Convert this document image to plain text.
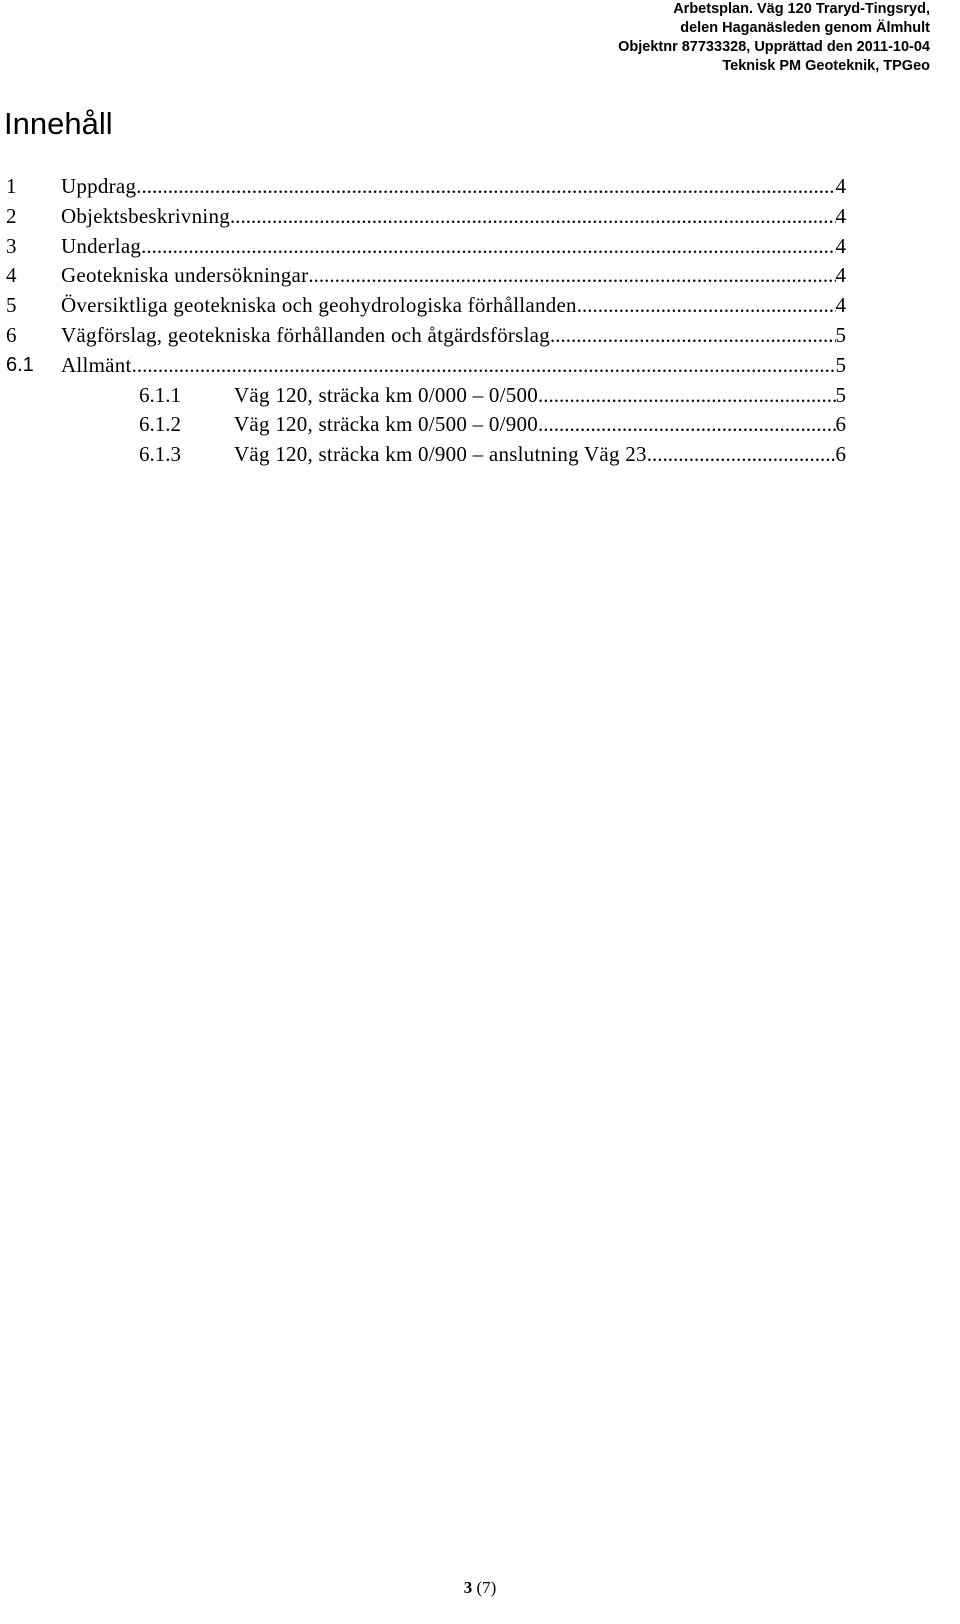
Arbetsplan. Väg 120 Traryd-Tingsryd,
delen Haganäsleden genom Älmhult
Objektnr 87733328, Upprättad den 2011-10-04
Teknisk PM Geoteknik, TPGeo
Innehåll
1 Uppdrag .....	4
2 Objektsbeskrivning .....	4
3 Underlag .....	4
4 Geotekniska undersökningar .....	4
5 Översiktliga geotekniska och geohydrologiska förhållanden .....	4
6 Vägförslag, geotekniska förhållanden och åtgärdsförslag .....	5
6.1 Allmänt .....	5
6.1.1	Väg 120, sträcka km 0/000 – 0/500 .....	5
6.1.2	Väg 120, sträcka km 0/500 – 0/900 .....	6
6.1.3	Väg 120, sträcka km 0/900 – anslutning Väg 23 .....	6
3 (7)
